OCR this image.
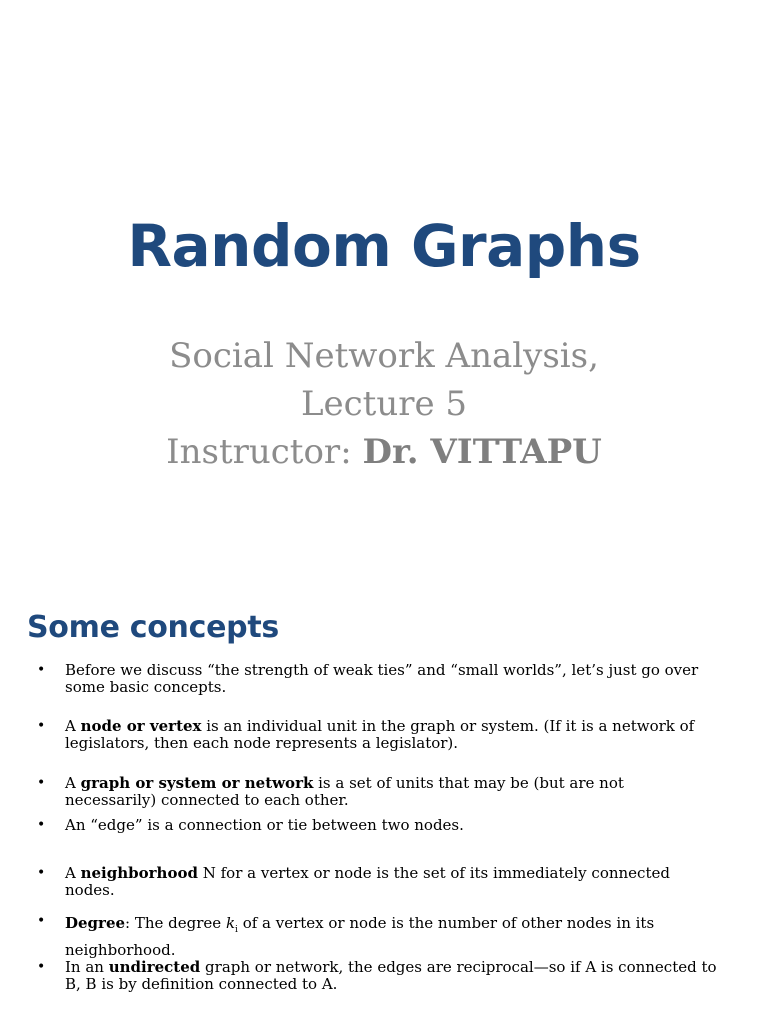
Random Graphs
Social Network Analysis,
Lecture 5
Instructor: Dr. VITTAPU
Some concepts
•	Before we discuss “the strength of weak ties” and “small worlds”, let’s just go over some basic concepts.
•	A node or vertex is an individual unit in the graph or system. (If it is a network of legislators, then each node represents a legislator).
•	A graph or system or network is a set of units that may be (but are not necessarily) connected to each other.
•	An “edge” is a connection or tie between two nodes.
•	A neighborhood N for a vertex or node is the set of its immediately connected nodes.
•	Degree: The degree $k_i$ of a vertex or node is the number of other nodes in its
neighborhood.
•	In an undirected graph or network, the edges are reciprocal—so if A is connected to B, B is by definition connected to A.
